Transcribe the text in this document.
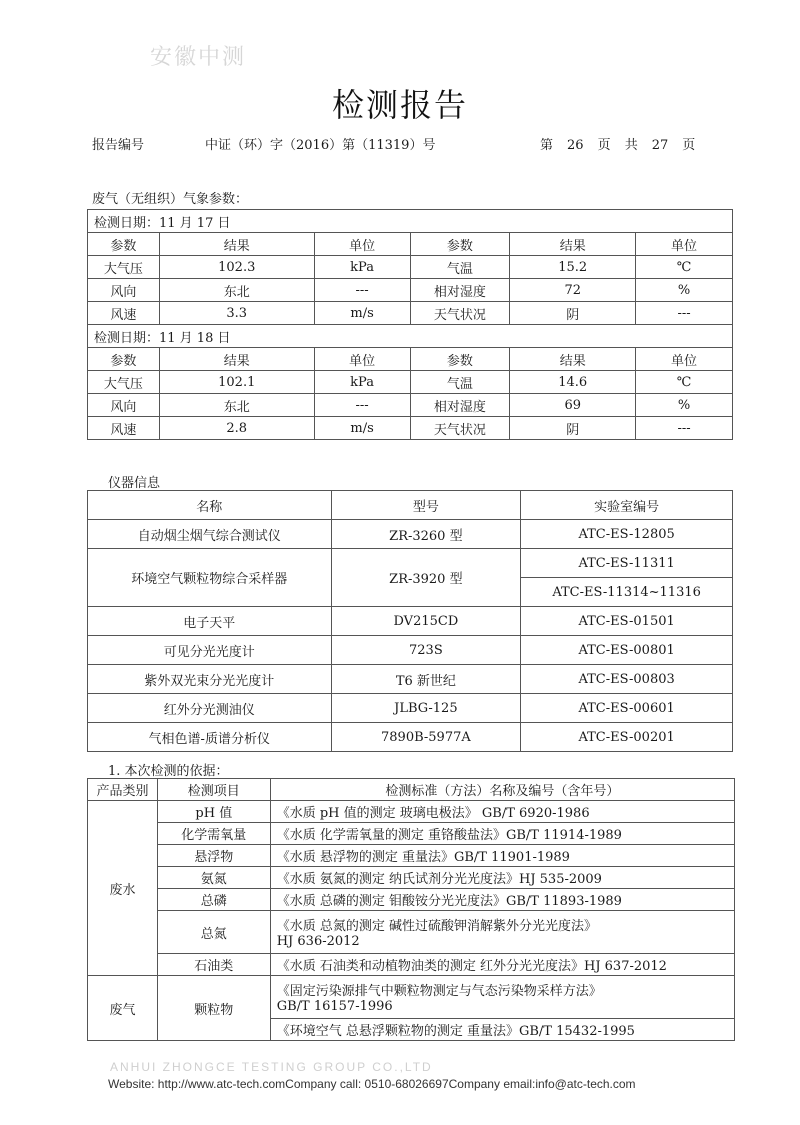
安徽中测
检测报告
报告编号	中证（环）字（2016）第（11319）号	第 26 页 共 27 页
废气（无组织）气象参数：
检测日期：11 月 17 日					
参数	结果	单位	参数	结果	单位
大气压	102.3	kPa	气温	15.2	℃
风向	东北	---	相对湿度	72	%
风速	3.3	m/s	天气状况	阴	---
检测日期：11 月 18 日					
参数	结果	单位	参数	结果	单位
大气压	102.1	kPa	气温	14.6	℃
风向	东北	---	相对湿度	69	%
风速	2.8	m/s	天气状况	阴	---
仪器信息
名称	型号	实验室编号
自动烟尘烟气综合测试仪	ZR-3260 型	ATC-ES-12805
环境空气颗粒物综合采样器	ZR-3920 型	ATC-ES-11311
		ATC-ES-11314~11316
电子天平	DV215CD	ATC-ES-01501
可见分光光度计	723S	ATC-ES-00801
紫外双光束分光光度计	T6 新世纪	ATC-ES-00803
红外分光测油仪	JLBG-125	ATC-ES-00601
气相色谱-质谱分析仪	7890B-5977A	ATC-ES-00201
1. 本次检测的依据：
产品类别	检测项目	检测标准（方法）名称及编号（含年号）
废水	pH 值	《水质 pH 值的测定 玻璃电极法》 GB/T 6920-1986

	化学需氧量	《水质 化学需氧量的测定 重铬酸盐法》GB/T 11914-1989

	悬浮物	《水质 悬浮物的测定 重量法》GB/T 11901-1989

	氨氮	《水质 氨氮的测定 纳氏试剂分光光度法》HJ 535-2009

	总磷	《水质 总磷的测定 钼酸铵分光光度法》GB/T 11893-1989

	总氮	《水质 总氮的测定 碱性过硫酸钾消解紫外分光光度法》
HJ 636-2012

	石油类	《水质 石油类和动植物油类的测定 红外分光光度法》HJ 637-2012

废气	颗粒物	《固定污染源排气中颗粒物测定与气态污染物采样方法》
GB/T 16157-1996

		《环境空气 总悬浮颗粒物的测定 重量法》GB/T 15432-1995
ANHUI ZHONGCE TESTING GROUP CO.,LTD
Website: http://www.atc-tech.comCompany call: 0510-68026697Company email:info@atc-tech.com
